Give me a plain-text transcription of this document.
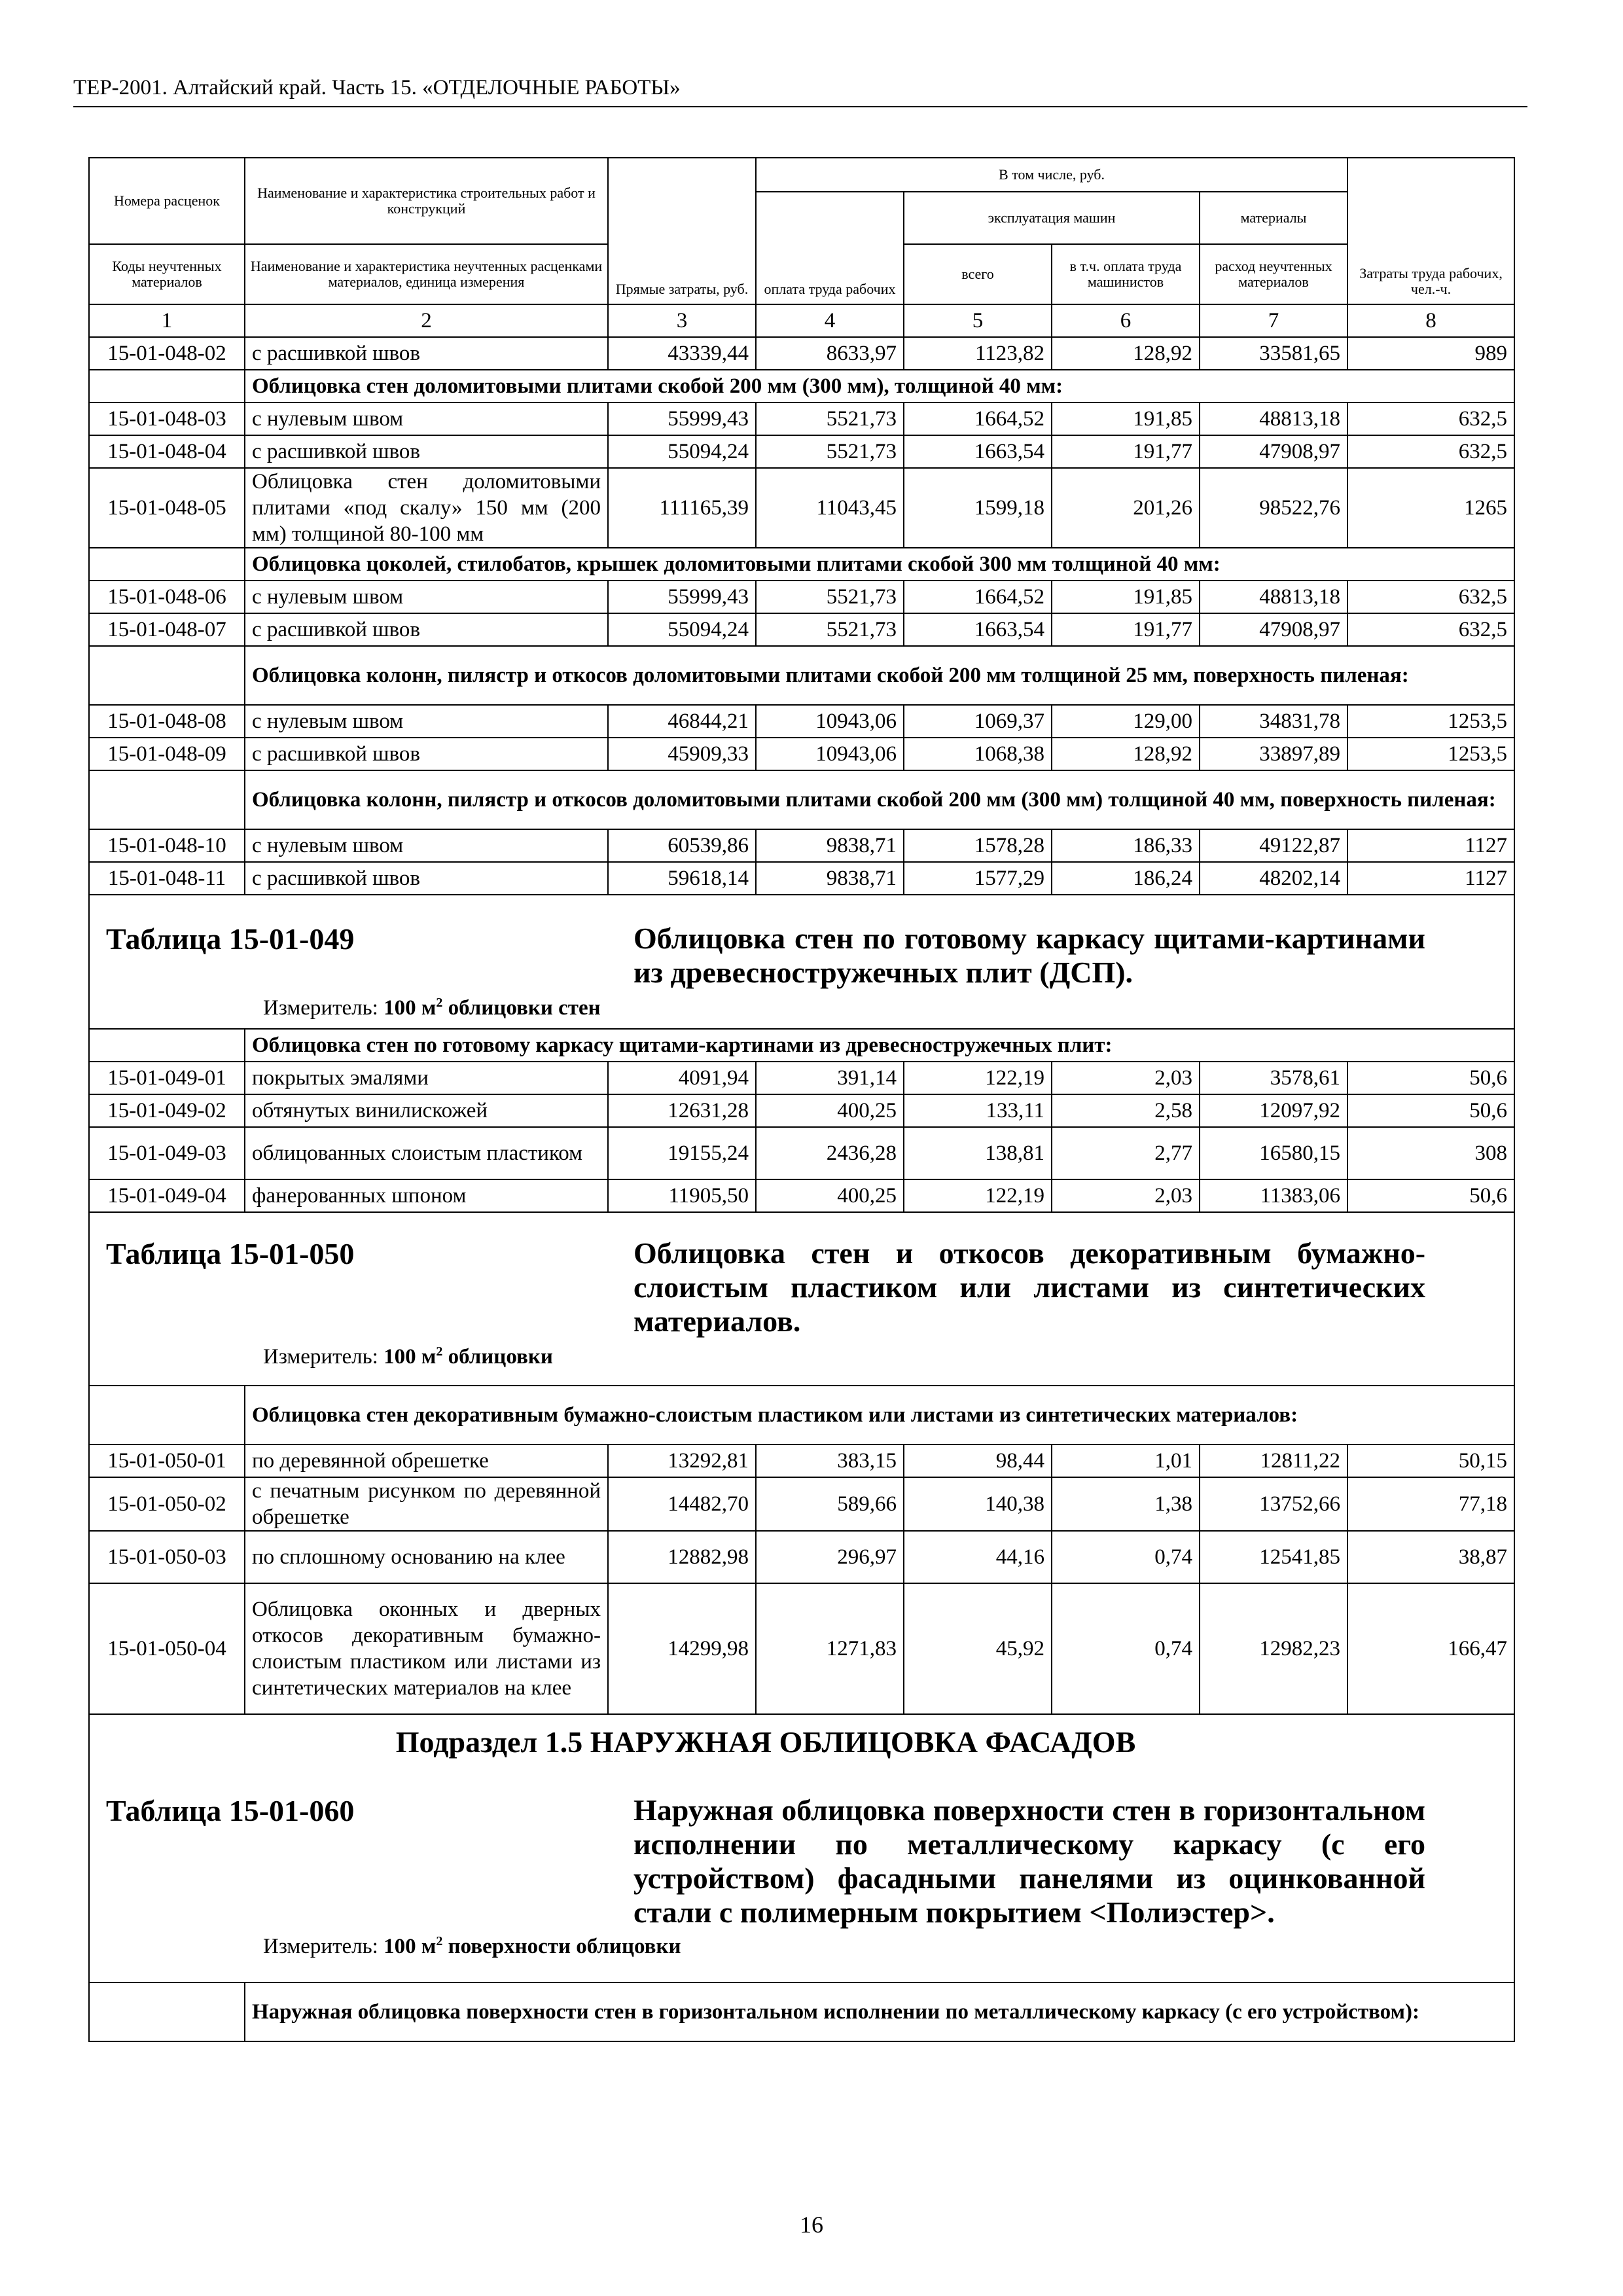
ТЕР-2001. Алтайский край. Часть 15. «ОТДЕЛОЧНЫЕ РАБОТЫ»
Номера расценок	Наименование и характеристика строительных работ и конструкций	Прямые затраты, руб.	В том числе, руб.				Затраты труда рабочих, чел.-ч.
			оплата труда рабочих	эксплуатация машин		материалы	
Коды неучтенных материалов	Наименование и характеристика неучтенных расценками материалов, единица измерения			всего	в т.ч. оплата труда машинистов	расход неучтенных материалов	
1	2	3	4	5	6	7	8
15-01-048-02	с расшивкой швов	43339,44	8633,97	1123,82	128,92	33581,65	989
	Облицовка стен доломитовыми плитами скобой 200 мм (300 мм), толщиной 40 мм:						
15-01-048-03	с нулевым швом	55999,43	5521,73	1664,52	191,85	48813,18	632,5
15-01-048-04	с расшивкой швов	55094,24	5521,73	1663,54	191,77	47908,97	632,5
15-01-048-05	Облицовка стен доломитовыми плитами «под скалу» 150 мм (200 мм) толщиной 80-100 мм	111165,39	11043,45	1599,18	201,26	98522,76	1265
	Облицовка цоколей, стилобатов, крышек доломитовыми плитами скобой 300 мм толщиной 40 мм:						
15-01-048-06	с нулевым швом	55999,43	5521,73	1664,52	191,85	48813,18	632,5
15-01-048-07	с расшивкой швов	55094,24	5521,73	1663,54	191,77	47908,97	632,5
	Облицовка колонн, пилястр и откосов доломитовыми плитами скобой 200 мм толщиной 25 мм, поверхность пиленая:						
15-01-048-08	с нулевым швом	46844,21	10943,06	1069,37	129,00	34831,78	1253,5
15-01-048-09	с расшивкой швов	45909,33	10943,06	1068,38	128,92	33897,89	1253,5
	Облицовка колонн, пилястр и откосов доломитовыми плитами скобой 200 мм (300 мм) толщиной 40 мм, поверхность пиленая:						
15-01-048-10	с нулевым швом	60539,86	9838,71	1578,28	186,33	49122,87	1127
15-01-048-11	с расшивкой швов	59618,14	9838,71	1577,29	186,24	48202,14	1127

Таблица 15-01-049 Облицовка стен по готовому каркасу щитами-картинами из древесностружечных плит (ДСП).
Измеритель: 100 $м^2$ облицовки стен							

	Облицовка стен по готовому каркасу щитами-картинами из древесностружечных плит:						
15-01-049-01	покрытых эмалями	4091,94	391,14	122,19	2,03	3578,61	50,6
15-01-049-02	обтянутых винилискожей	12631,28	400,25	133,11	2,58	12097,92	50,6
15-01-049-03	облицованных слоистым пластиком	19155,24	2436,28	138,81	2,77	16580,15	308
15-01-049-04	фанерованных шпоном	11905,50	400,25	122,19	2,03	11383,06	50,6

Таблица 15-01-050 Облицовка стен и откосов декоративным бумажно-слоистым пластиком или листами из синтетических материалов.
Измеритель: 100 $м^2$ облицовки							

	Облицовка стен декоративным бумажно-слоистым пластиком или листами из синтетических материалов:						
15-01-050-01	по деревянной обрешетке	13292,81	383,15	98,44	1,01	12811,22	50,15
15-01-050-02	с печатным рисунком по деревянной обрешетке	14482,70	589,66	140,38	1,38	13752,66	77,18
15-01-050-03	по сплошному основанию на клее	12882,98	296,97	44,16	0,74	12541,85	38,87
15-01-050-04	Облицовка оконных и дверных откосов декоративным бумажно-слоистым пластиком или листами из синтетических материалов на клее	14299,98	1271,83	45,92	0,74	12982,23	166,47

Подраздел 1.5 НАРУЖНАЯ ОБЛИЦОВКА ФАСАДОВ
Таблица 15-01-060 Наружная облицовка поверхности стен в горизонтальном исполнении по металлическому каркасу (с его устройством) фасадными панелями из оцинкованной стали с полимерным покрытием <Полиэстер>.
Измеритель: 100 $м^2$ поверхности облицовки							

	Наружная облицовка поверхности стен в горизонтальном исполнении по металлическому каркасу (с его устройством):						
16
